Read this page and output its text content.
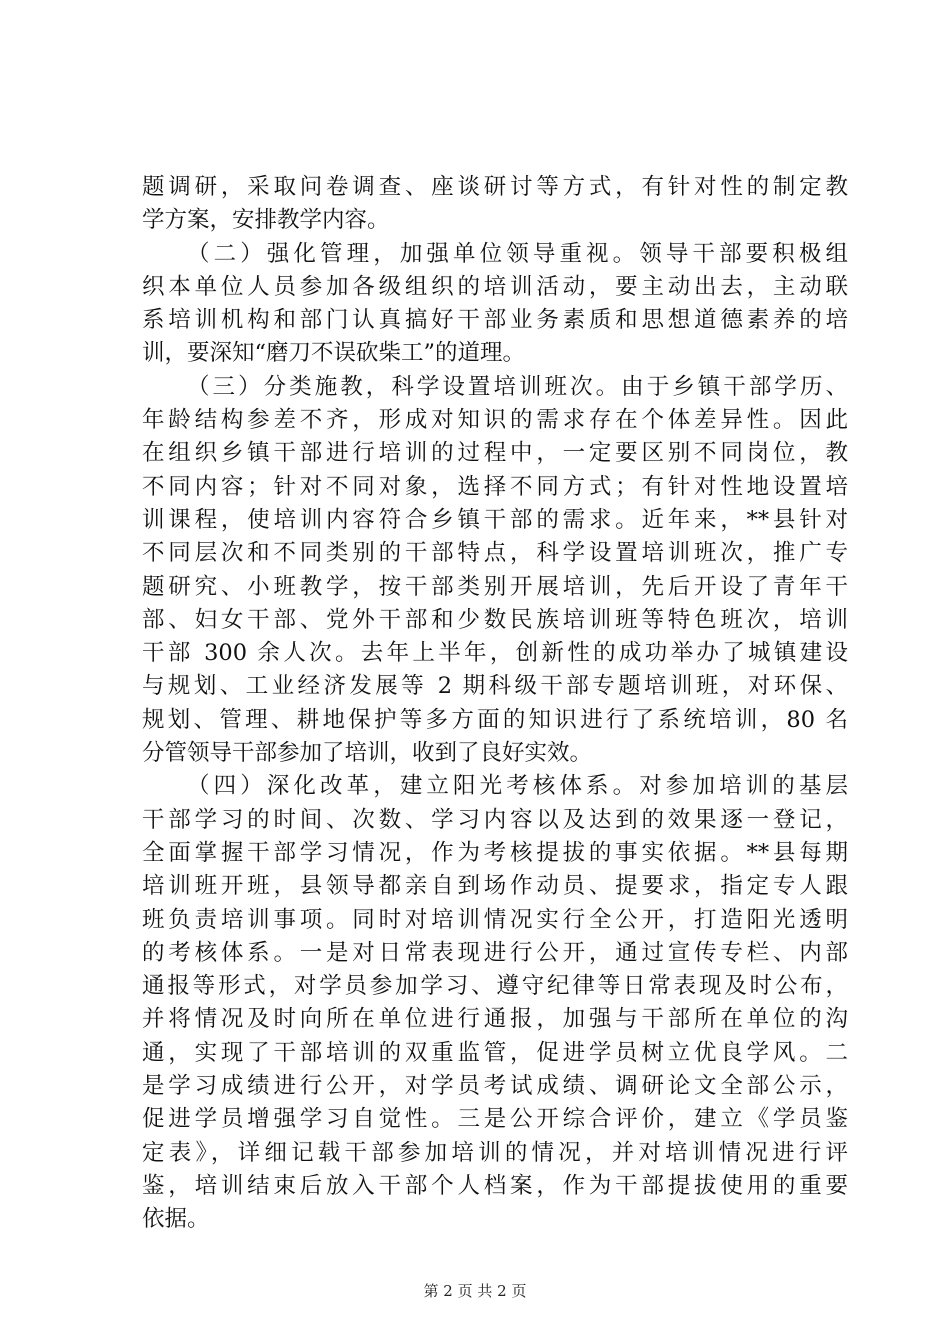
题调研，采取问卷调查、座谈研讨等方式，有针对性的制定教
学方案，安排教学内容。
（二）强化管理，加强单位领导重视。领导干部要积极组
织本单位人员参加各级组织的培训活动，要主动出去，主动联
系培训机构和部门认真搞好干部业务素质和思想道德素养的培
训，要深知“磨刀不误砍柴工”的道理。
（三）分类施教，科学设置培训班次。由于乡镇干部学历、
年龄结构参差不齐，形成对知识的需求存在个体差异性。因此
在组织乡镇干部进行培训的过程中，一定要区别不同岗位，教
不同内容；针对不同对象，选择不同方式；有针对性地设置培
训课程，使培训内容符合乡镇干部的需求。近年来，**县针对
不同层次和不同类别的干部特点，科学设置培训班次，推广专
题研究、小班教学，按干部类别开展培训，先后开设了青年干
部、妇女干部、党外干部和少数民族培训班等特色班次，培训
干部 300 余人次。去年上半年，创新性的成功举办了城镇建设
与规划、工业经济发展等 2 期科级干部专题培训班，对环保、
规划、管理、耕地保护等多方面的知识进行了系统培训，80 名
分管领导干部参加了培训，收到了良好实效。
（四）深化改革，建立阳光考核体系。对参加培训的基层
干部学习的时间、次数、学习内容以及达到的效果逐一登记，
全面掌握干部学习情况，作为考核提拔的事实依据。**县每期
培训班开班，县领导都亲自到场作动员、提要求，指定专人跟
班负责培训事项。同时对培训情况实行全公开，打造阳光透明
的考核体系。一是对日常表现进行公开，通过宣传专栏、内部
通报等形式，对学员参加学习、遵守纪律等日常表现及时公布，
并将情况及时向所在单位进行通报，加强与干部所在单位的沟
通，实现了干部培训的双重监管，促进学员树立优良学风。二
是学习成绩进行公开，对学员考试成绩、调研论文全部公示，
促进学员增强学习自觉性。三是公开综合评价，建立《学员鉴
定表》，详细记载干部参加培训的情况，并对培训情况进行评
鉴，培训结束后放入干部个人档案，作为干部提拔使用的重要
依据。
第 2 页 共 2 页
